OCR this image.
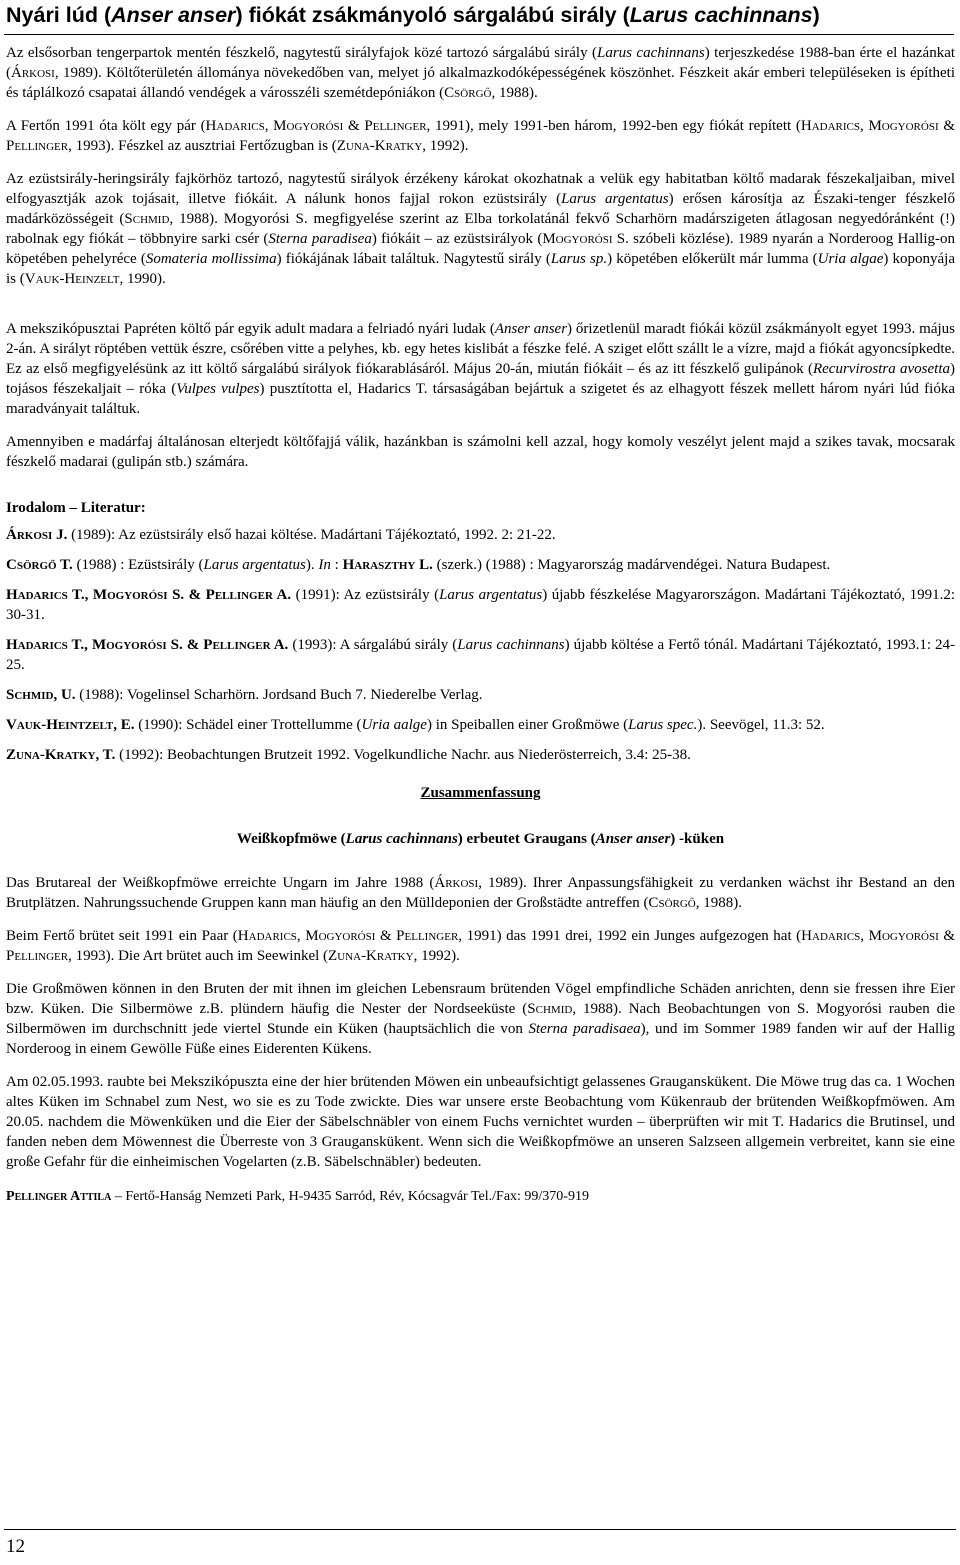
Nyári lúd (Anser anser) fiókát zsákmányoló sárgalábú sirály (Larus cachinnans)

Az elsősorban tengerpartok mentén fészkelő, nagytestű sirályfajok közé tartozó sárgalábú sirály (Larus cachinnans) terjeszkedése 1988-ban érte el hazánkat (Árkosi, 1989). Költőterületén állománya növekedőben van, melyet jó alkalmazkodóképességének köszönhet. Fészkeit akár emberi településeken is építheti és táplálkozó csapatai állandó vendégek a városszéli szemétdepóniákon (Csörgő, 1988).

A Fertőn 1991 óta költ egy pár (Hadarics, Mogyorósi & Pellinger, 1991), mely 1991-ben három, 1992-ben egy fiókát repített (Hadarics, Mogyorósi & Pellinger, 1993). Fészkel az ausztriai Fertőzugban is (Zuna-Kratky, 1992).

Az ezüstsirály-heringsirály fajkörhöz tartozó, nagytestű sirályok érzékeny károkat okozhatnak a velük egy habitatban költő madarak fészekaljaiban, mivel elfogyasztják azok tojásait, illetve fiókáit. A nálunk honos fajjal rokon ezüstsirály (Larus argentatus) erősen károsítja az Északi-tenger fészkelő madárközösségeit (Schmid, 1988). Mogyorósi S. megfigyelése szerint az Elba torkolatánál fekvő Scharhörn madárszigeten átlagosan negyedóránként (!) rabolnak egy fiókát – többnyire sarki csér (Sterna paradisea) fiókáit – az ezüstsirályok (Mogyorósi S. szóbeli közlése). 1989 nyarán a Norderoog Hallig-on köpetében pehelyréce (Somateria mollissima) fiókájának lábait találtuk. Nagytestű sirály (Larus sp.) köpetében előkerült már lumma (Uria algae) koponyája is (Vauk-Heinzelt, 1990).

A mekszikópusztai Papréten költő pár egyik adult madara a felriadó nyári ludak (Anser anser) őrizetlenül maradt fiókái közül zsákmányolt egyet 1993. május 2-án. A sirályt röptében vettük észre, csőrében vitte a pelyhes, kb. egy hetes kislibát a fészke felé. A sziget előtt szállt le a vízre, majd a fiókát agyoncsípkedte. Ez az első megfigyelésünk az itt költő sárgalábú sirályok fiókarablásáról. Május 20-án, miután fiókáit – és az itt fészkelő gulipánok (Recurvirostra avosetta) tojásos fészekaljait – róka (Vulpes vulpes) pusztította el, Hadarics T. társaságában bejártuk a szigetet és az elhagyott fészek mellett három nyári lúd fióka maradványait találtuk.

Amennyiben e madárfaj általánosan elterjedt költőfajjá válik, hazánkban is számolni kell azzal, hogy komoly veszélyt jelent majd a szikes tavak, mocsarak fészkelő madarai (gulipán stb.) számára.

Irodalom – Literatur:

Árkosi J. (1989): Az ezüstsirály első hazai költése. Madártani Tájékoztató, 1992. 2: 21-22.

Csörgő T. (1988) : Ezüstsirály (Larus argentatus). In : Haraszthy L. (szerk.) (1988) : Magyarország madárvendégei. Natura Budapest.

Hadarics T., Mogyorósi S. & Pellinger A. (1991): Az ezüstsirály (Larus argentatus) újabb fészkelése Magyarországon. Madártani Tájékoztató, 1991.2: 30-31.

Hadarics T., Mogyorósi S. & Pellinger A. (1993): A sárgalábú sirály (Larus cachinnans) újabb költése a Fertő tónál. Madártani Tájékoztató, 1993.1: 24-25.

Schmid, U. (1988): Vogelinsel Scharhörn. Jordsand Buch 7. Niederelbe Verlag.

Vauk-Heintzelt, E. (1990): Schädel einer Trottellumme (Uria aalge) in Speiballen einer Großmöwe (Larus spec.). Seevögel, 11.3: 52.

Zuna-Kratky, T. (1992): Beobachtungen Brutzeit 1992. Vogelkundliche Nachr. aus Niederösterreich, 3.4: 25-38.

Zusammenfassung
Weißkopfmöwe (Larus cachinnans) erbeutet Graugans (Anser anser) -küken

Das Brutareal der Weißkopfmöwe erreichte Ungarn im Jahre 1988 (Árkosi, 1989). Ihrer Anpassungsfähigkeit zu verdanken wächst ihr Bestand an den Brutplätzen. Nahrungssuchende Gruppen kann man häufig an den Mülldeponien der Großstädte antreffen (Csörgő, 1988).

Beim Fertő brütet seit 1991 ein Paar (Hadarics, Mogyorósi & Pellinger, 1991) das 1991 drei, 1992 ein Junges aufgezogen hat (Hadarics, Mogyorósi & Pellinger, 1993). Die Art brütet auch im Seewinkel (Zuna-Kratky, 1992).

Die Großmöwen können in den Bruten der mit ihnen im gleichen Lebensraum brütenden Vögel empfindliche Schäden anrichten, denn sie fressen ihre Eier bzw. Küken. Die Silbermöwe z.B. plündern häufig die Nester der Nordseeküste (Schmid, 1988). Nach Beobachtungen von S. Mogyorósi rauben die Silbermöwen im durchschnitt jede viertel Stunde ein Küken (hauptsächlich die von Sterna paradisaea), und im Sommer 1989 fanden wir auf der Hallig Norderoog in einem Gewölle Füße eines Eiderenten Kükens.

Am 02.05.1993. raubte bei Mekszikópuszta eine der hier brütenden Möwen ein unbeaufsichtigt gelassenes Grauganskükent. Die Möwe trug das ca. 1 Wochen altes Küken im Schnabel zum Nest, wo sie es zu Tode zwickte. Dies war unsere erste Beobachtung vom Kükenraub der brütenden Weißkopfmöwen. Am 20.05. nachdem die Möwenküken und die Eier der Säbelschnäbler von einem Fuchs vernichtet wurden – überprüften wir mit T. Hadarics die Brutinsel, und fanden neben dem Möwennest die Überreste von 3 Grauganskükent. Wenn sich die Weißkopfmöwe an unseren Salzseen allgemein verbreitet, kann sie eine große Gefahr für die einheimischen Vogelarten (z.B. Säbelschnäbler) bedeuten.

Pellinger Attila – Fertő-Hanság Nemzeti Park, H-9435 Sarród, Rév, Kócsagvár Tel./Fax: 99/370-919
12
